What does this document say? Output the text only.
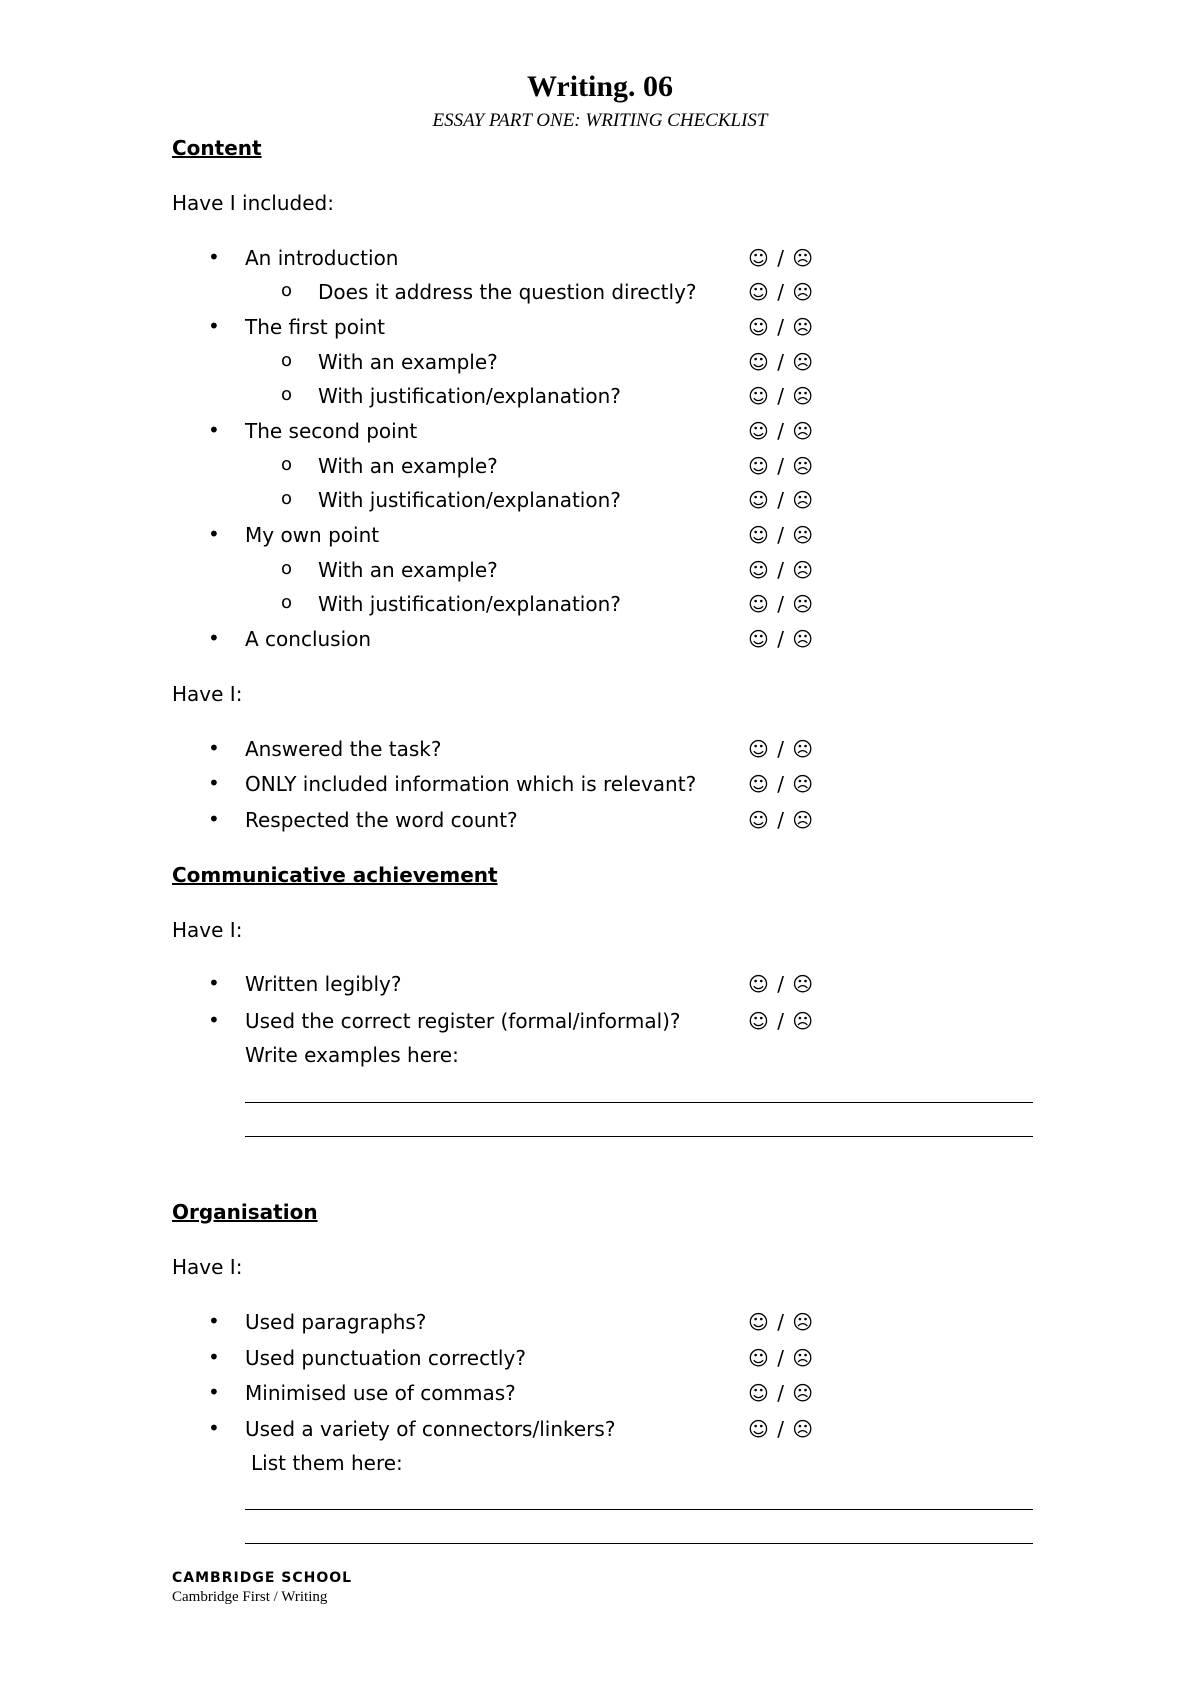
Writing. 06
ESSAY PART ONE: WRITING CHECKLIST
Content
Have I included:
• An introduction	☺ / ☹
o Does it address the question directly?	☺ / ☹
• The first point	☺ / ☹
o With an example?	☺ / ☹
o With justification/explanation?	☺ / ☹
• The second point	☺ / ☹
o With an example?	☺ / ☹
o With justification/explanation?	☺ / ☹
• My own point	☺ / ☹
o With an example?	☺ / ☹
o With justification/explanation?	☺ / ☹
• A conclusion	☺ / ☹
Have I:
• Answered the task?	☺ / ☹
• ONLY included information which is relevant?	☺ / ☹
• Respected the word count?	☺ / ☹
Communicative achievement
Have I:
• Written legibly?	☺ / ☹
• Used the correct register (formal/informal)?	☺ / ☹
Write examples here:
Organisation
Have I:
• Used paragraphs?	☺ / ☹
• Used punctuation correctly?	☺ / ☹
• Minimised use of commas?	☺ / ☹
• Used a variety of connectors/linkers?	☺ / ☹
List them here:
CAMBRIDGE SCHOOL
Cambridge First / Writing
